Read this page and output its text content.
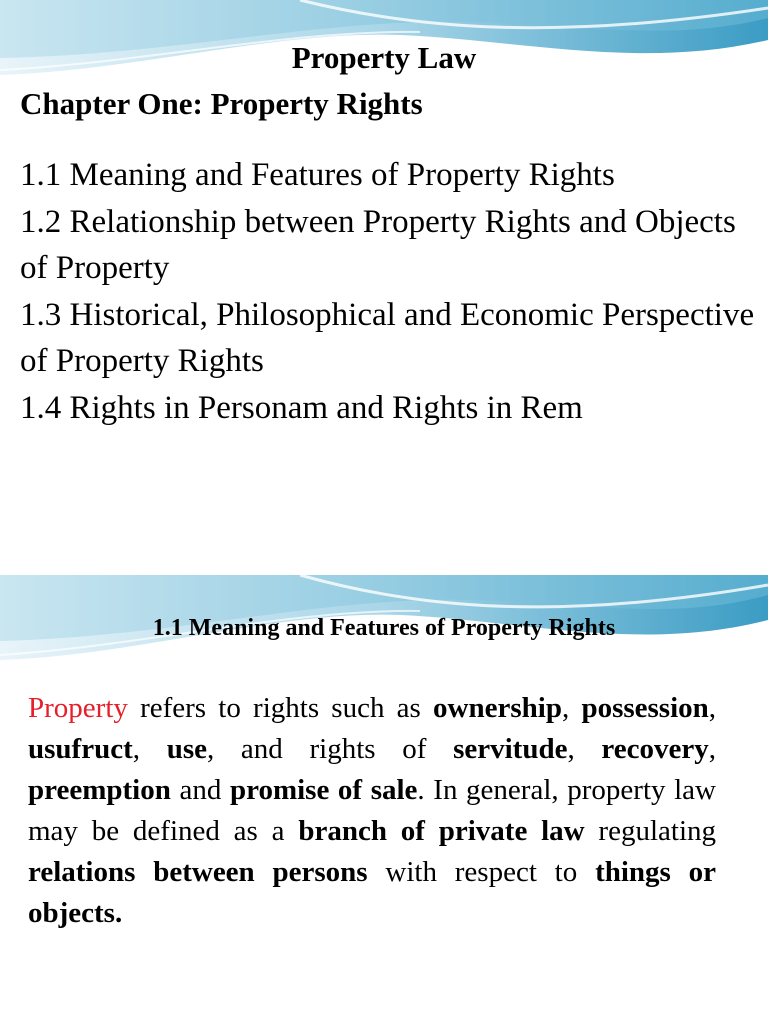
Property Law
Chapter One: Property Rights
1.1 Meaning and Features of Property Rights
1.2 Relationship between Property Rights and Objects of Property
1.3 Historical, Philosophical and Economic Perspective of Property Rights
1.4 Rights in Personam and Rights in Rem
1.1 Meaning and Features of Property Rights
Property refers to rights such as ownership, possession, usufruct, use, and rights of servitude, recovery, preemption and promise of sale. In general, property law may be defined as a branch of private law regulating relations between persons with respect to things or objects.
